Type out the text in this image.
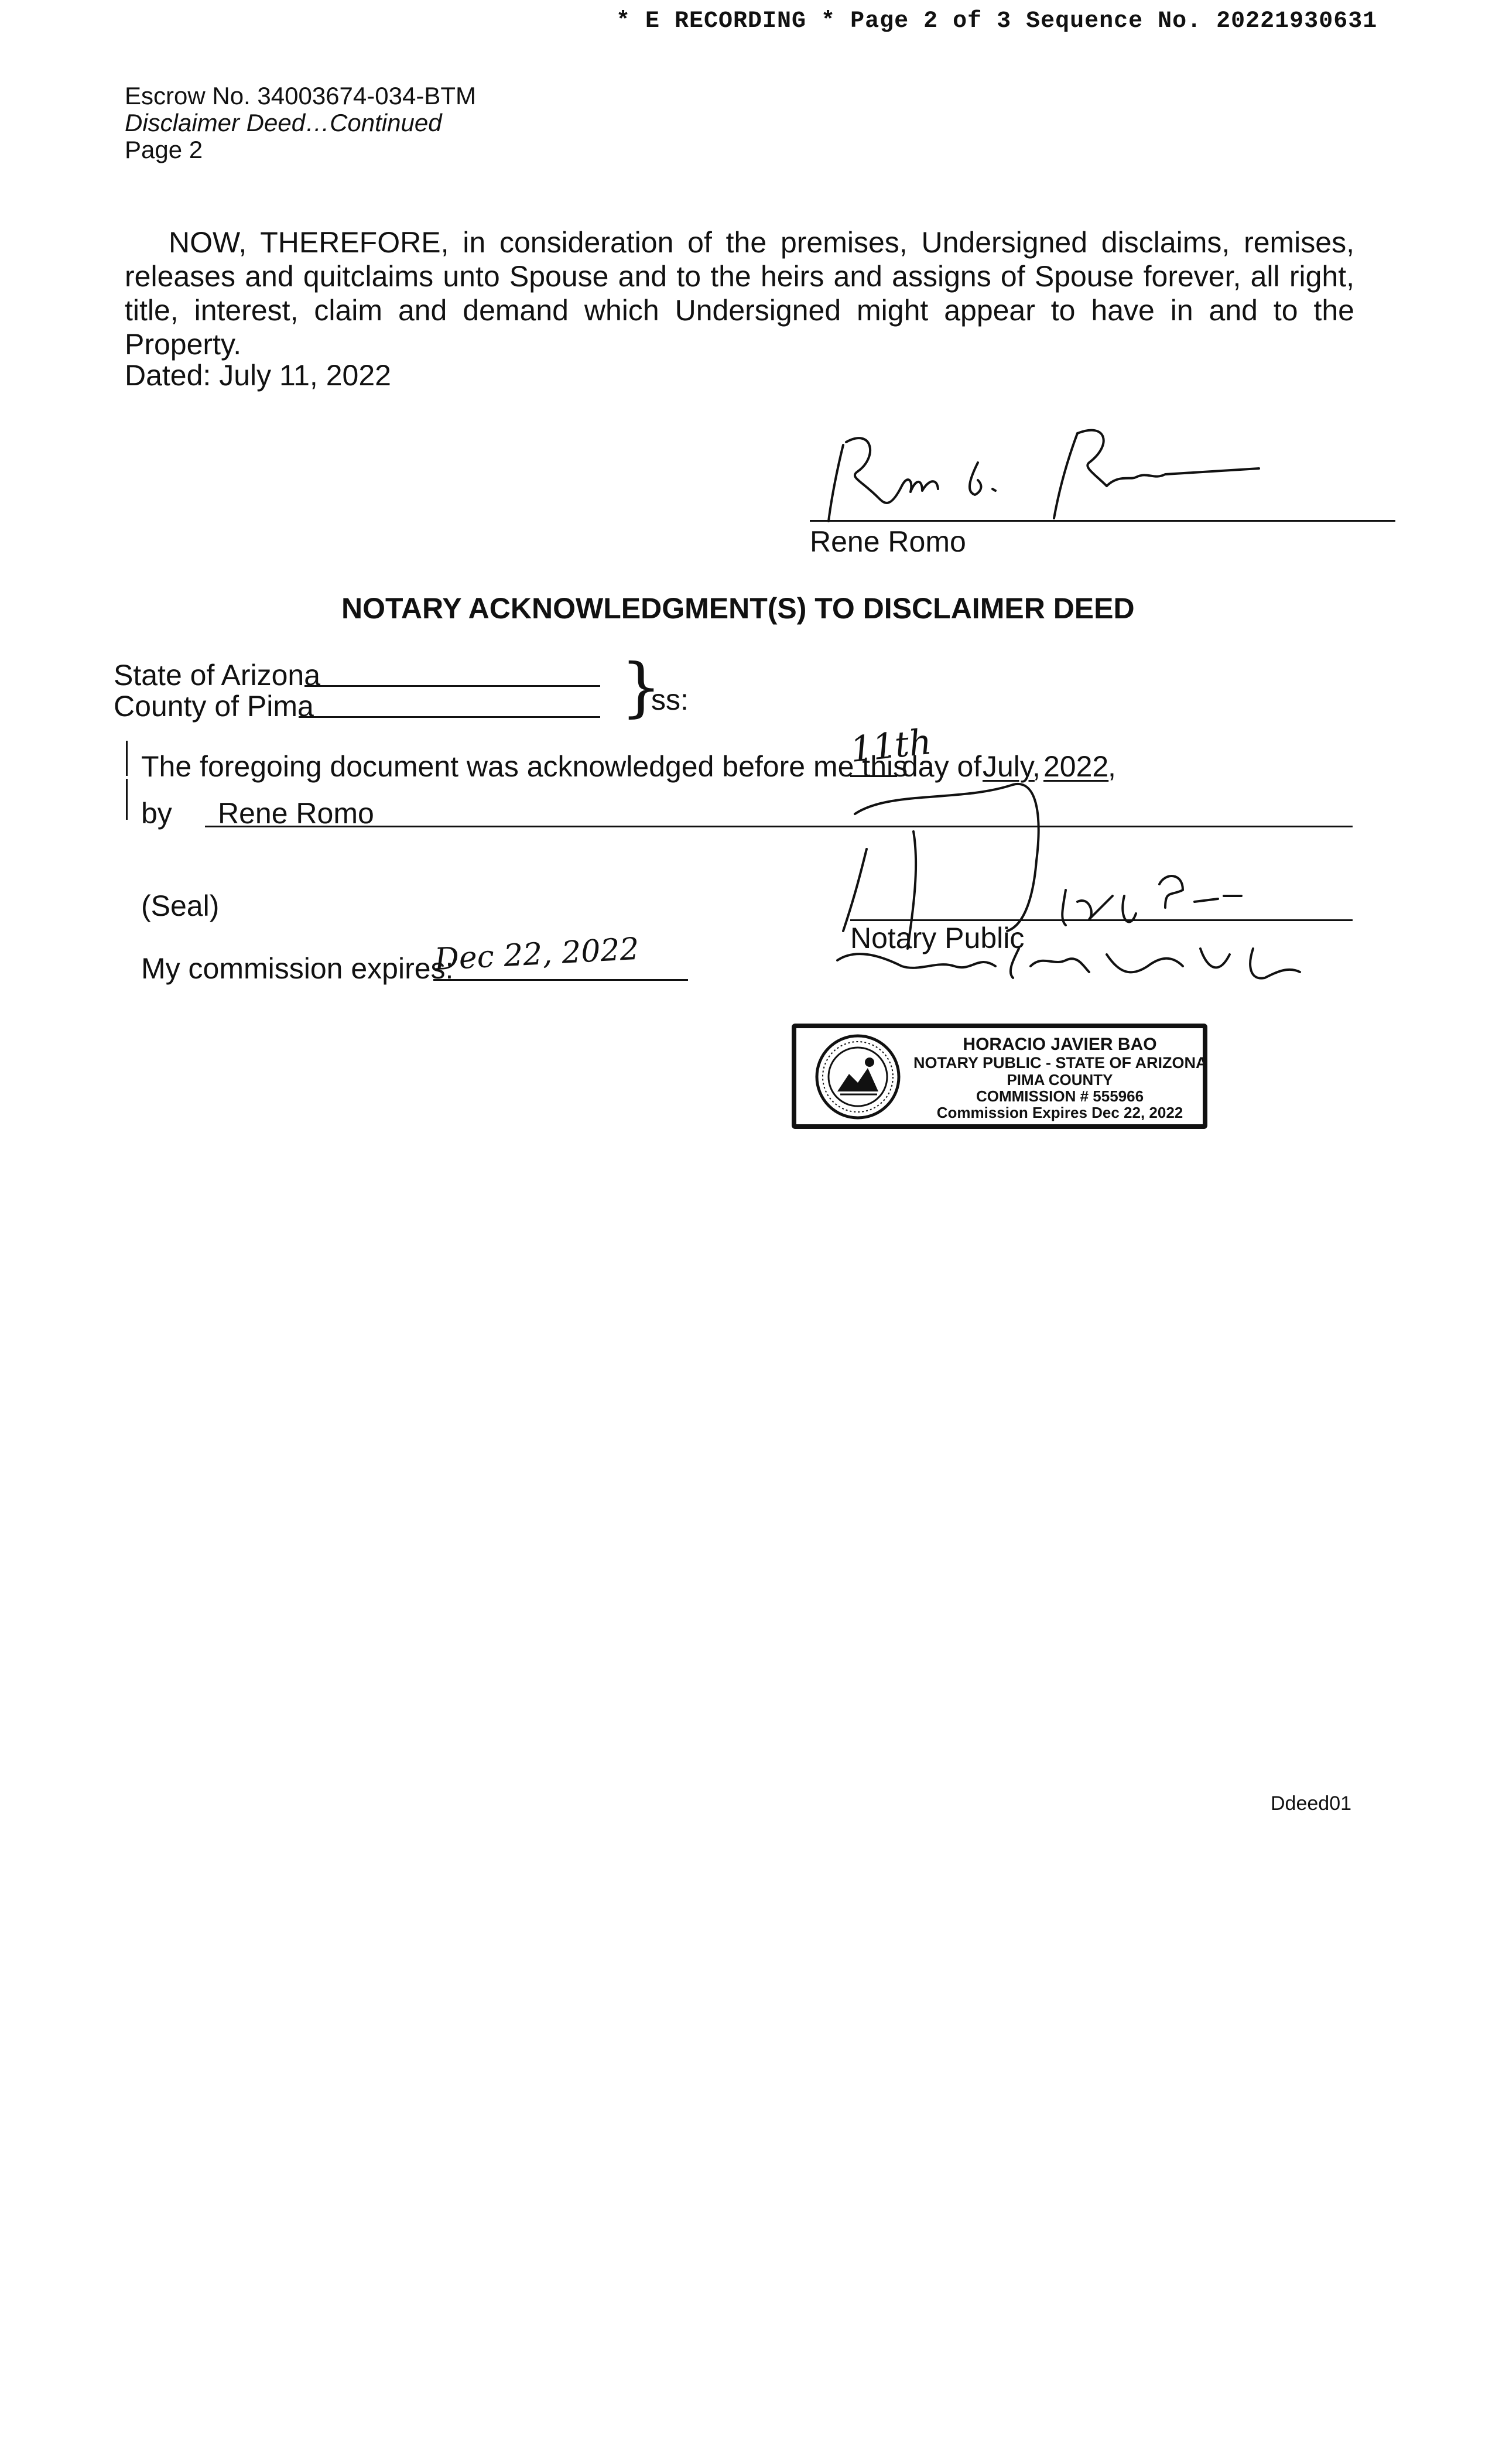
* E RECORDING * Page 2 of 3 Sequence No. 20221930631
Escrow No. 34003674-034-BTM
Disclaimer Deed…Continued
Page 2
NOW, THEREFORE, in consideration of the premises, Undersigned disclaims, remises, releases and quitclaims unto Spouse and to the heirs and assigns of Spouse forever, all right, title, interest, claim and demand which Undersigned might appear to have in and to the Property.
Dated: July 11, 2022
Rene Romo
NOTARY ACKNOWLEDGMENT(S) TO DISCLAIMER DEED
State of Arizona
County of Pima	}
ss:
The foregoing document was acknowledged before me this
11th
day of July
, 2022
,
by Rene Romo
(Seal)
My commission expires:
Dec 22, 2022	Notary Public
HORACIO JAVIER BAO
NOTARY PUBLIC - STATE OF ARIZONA
PIMA COUNTY
COMMISSION # 555966
Commission Expires Dec 22, 2022
Ddeed01
